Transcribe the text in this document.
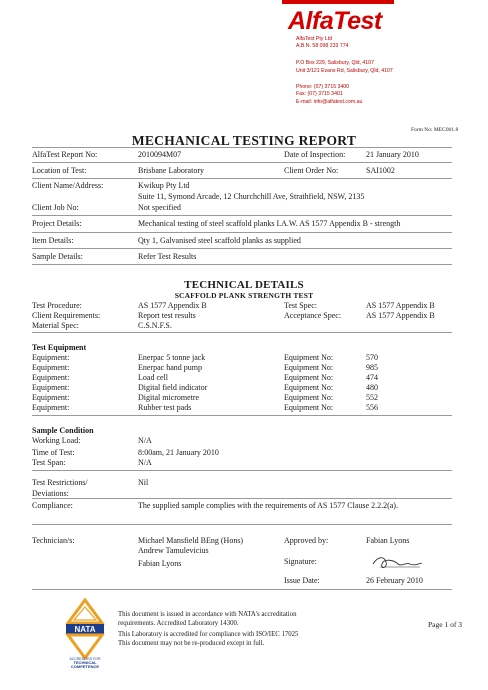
AlfaTest
AlfaTest Pty Ltd
A.B.N. 58 098 233 774
P.O Box 229, Salisbury, Qld, 4107
Unit 3/121 Evans Rd, Salisbury, Qld, 4107
Phone: (07) 3715 3400
Fax: (07) 3715 3401
E-mail: info@alfatest.com.au
Form No: MEC001.8
MECHANICAL TESTING REPORT
AlfaTest Report No:	2010094M07	Date of Inspection:	21 January 2010
Location of Test:	Brisbane Laboratory	Client Order No:	SAI1002
Client Name/Address:	Kwikup Pty Ltd
Suite 11, Symond Arcade, 12 Churchchill Ave, Strathfield, NSW, 2135
Client Job No:	Not specified
Project Details:	Mechanical testing of steel scaffold planks I.A.W. AS 1577 Appendix B - strength
Item Details:	Qty 1, Galvanised steel scaffold planks as supplied
Sample Details:	Refer Test Results
TECHNICAL DETAILS
SCAFFOLD PLANK STRENGTH TEST
Test Procedure:	AS 1577 Appendix B	Test Spec:	AS 1577 Appendix B
Client Requirements:	Report test results	Acceptance Spec:	AS 1577 Appendix B
Material Spec:	C.S.N.F.S.
Test Equipment
Equipment:	Enerpac 5 tonne jack	Equipment No:	570
Equipment:	Enerpac hand pump	Equipment No:	985
Equipment:	Load cell	Equipment No:	474
Equipment:	Digital field indicator	Equipment No:	480
Equipment:	Digital micrometre	Equipment No:	552
Equipment:	Rubber test pads	Equipment No:	556
Sample Condition
Working Load:	N/A
Time of Test:	8:00am, 21 January 2010
Test Span:	N/A
Test Restrictions/	Nil
Deviations:
Compliance:	The supplied sample complies with the requirements of AS 1577 Clause 2.2.2(a).
Technician/s:	Michael Mansfield BEng (Hons)
Andrew Tamulevicius
Fabian Lyons
Approved by:	Fabian Lyons
Signature:
Issue Date:	26 February 2010
NATA
ACCREDITED FOR
TECHNICAL
COMPETENCE
This document is issued in accordance with NATA's accreditation
requirements. Accredited Laboratory 14300.
This Laboratory is accredited for compliance with ISO/IEC 17025
This document may not be re-produced except in full.
Page 1 of 3
